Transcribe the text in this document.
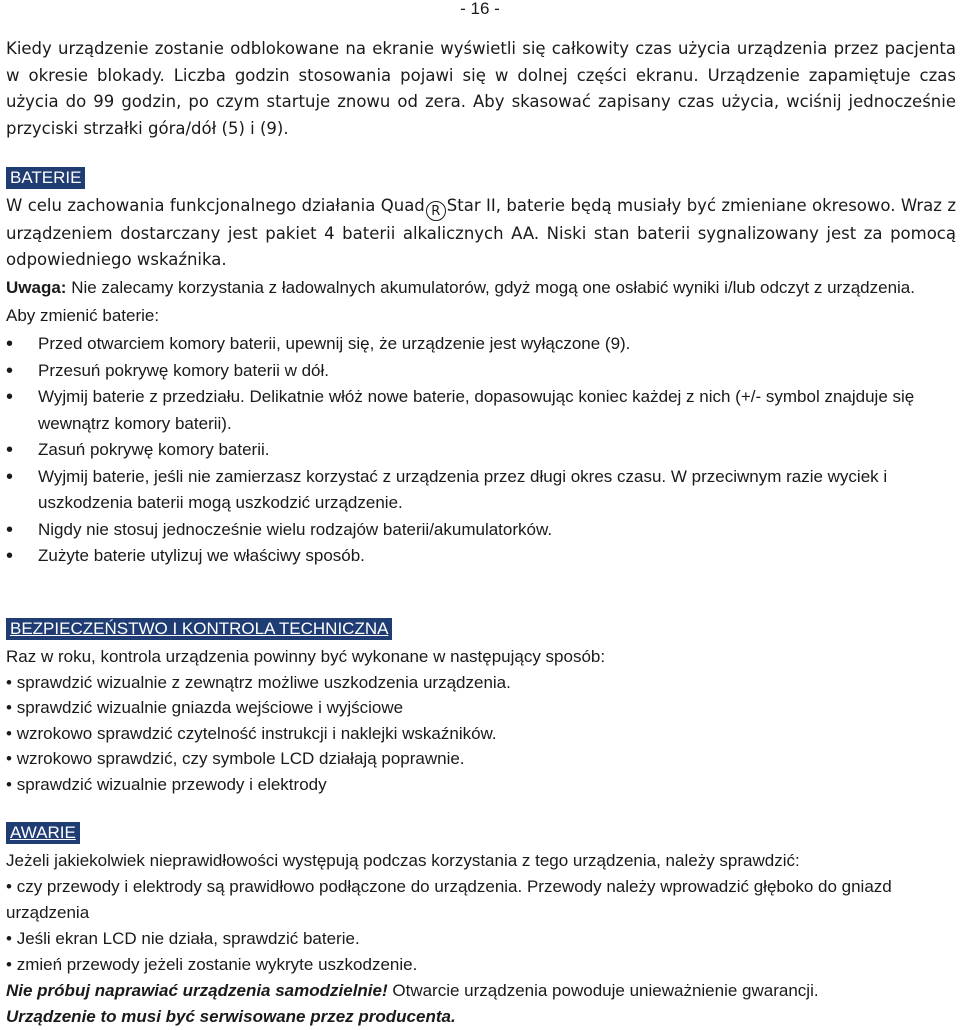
- 16 -

Kiedy urządzenie zostanie odblokowane na ekranie wyświetli się całkowity czas użycia urządzenia przez pacjenta w okresie blokady. Liczba godzin stosowania pojawi się w dolnej części ekranu. Urządzenie zapamiętuje czas użycia do 99 godzin, po czym startuje znowu od zera. Aby skasować zapisany czas użycia, wciśnij jednocześnie przyciski strzałki góra/dół (5) i (9).

BATERIE

W celu zachowania funkcjonalnego działania Quad R Star II, baterie będą musiały być zmieniane okresowo. Wraz z urządzeniem dostarczany jest pakiet 4 baterii alkalicznych AA. Niski stan baterii sygnalizowany jest za pomocą odpowiedniego wskaźnika.

Uwaga: Nie zalecamy korzystania z ładowalnych akumulatorów, gdyż mogą one osłabić wyniki i/lub odczyt z urządzenia.

Aby zmienić baterie:

• Przed otwarciem komory baterii, upewnij się, że urządzenie jest wyłączone (9).
• Przesuń pokrywę komory baterii w dół.
• Wyjmij baterie z przedziału. Delikatnie włóż nowe baterie, dopasowując koniec każdej z nich (+/- symbol znajduje się wewnątrz komory baterii).
• Zasuń pokrywę komory baterii.
• Wyjmij baterie, jeśli nie zamierzasz korzystać z urządzenia przez długi okres czasu. W przeciwnym razie wyciek i uszkodzenia baterii mogą uszkodzić urządzenie.
• Nigdy nie stosuj jednocześnie wielu rodzajów baterii/akumulatorków.
• Zużyte baterie utylizuj we właściwy sposób.
BEZPIECZEŃSTWO I KONTROLA TECHNICZNA

Raz w roku, kontrola urządzenia powinny być wykonane w następujący sposób:

• sprawdzić wizualnie z zewnątrz możliwe uszkodzenia urządzenia.
• sprawdzić wizualnie gniazda wejściowe i wyjściowe
• wzrokowo sprawdzić czytelność instrukcji i naklejki wskaźników.
• wzrokowo sprawdzić, czy symbole LCD działają poprawnie.
• sprawdzić wizualnie przewody i elektrody
AWARIE

Jeżeli jakiekolwiek nieprawidłowości występują podczas korzystania z tego urządzenia, należy sprawdzić:

• czy przewody i elektrody są prawidłowo podłączone do urządzenia. Przewody należy wprowadzić głęboko do gniazd urządzenia
• Jeśli ekran LCD nie działa, sprawdzić baterie.
• zmień przewody jeżeli zostanie wykryte uszkodzenie.

Nie próbuj naprawiać urządzenia samodzielnie! Otwarcie urządzenia powoduje unieważnienie gwarancji.

Urządzenie to musi być serwisowane przez producenta.
